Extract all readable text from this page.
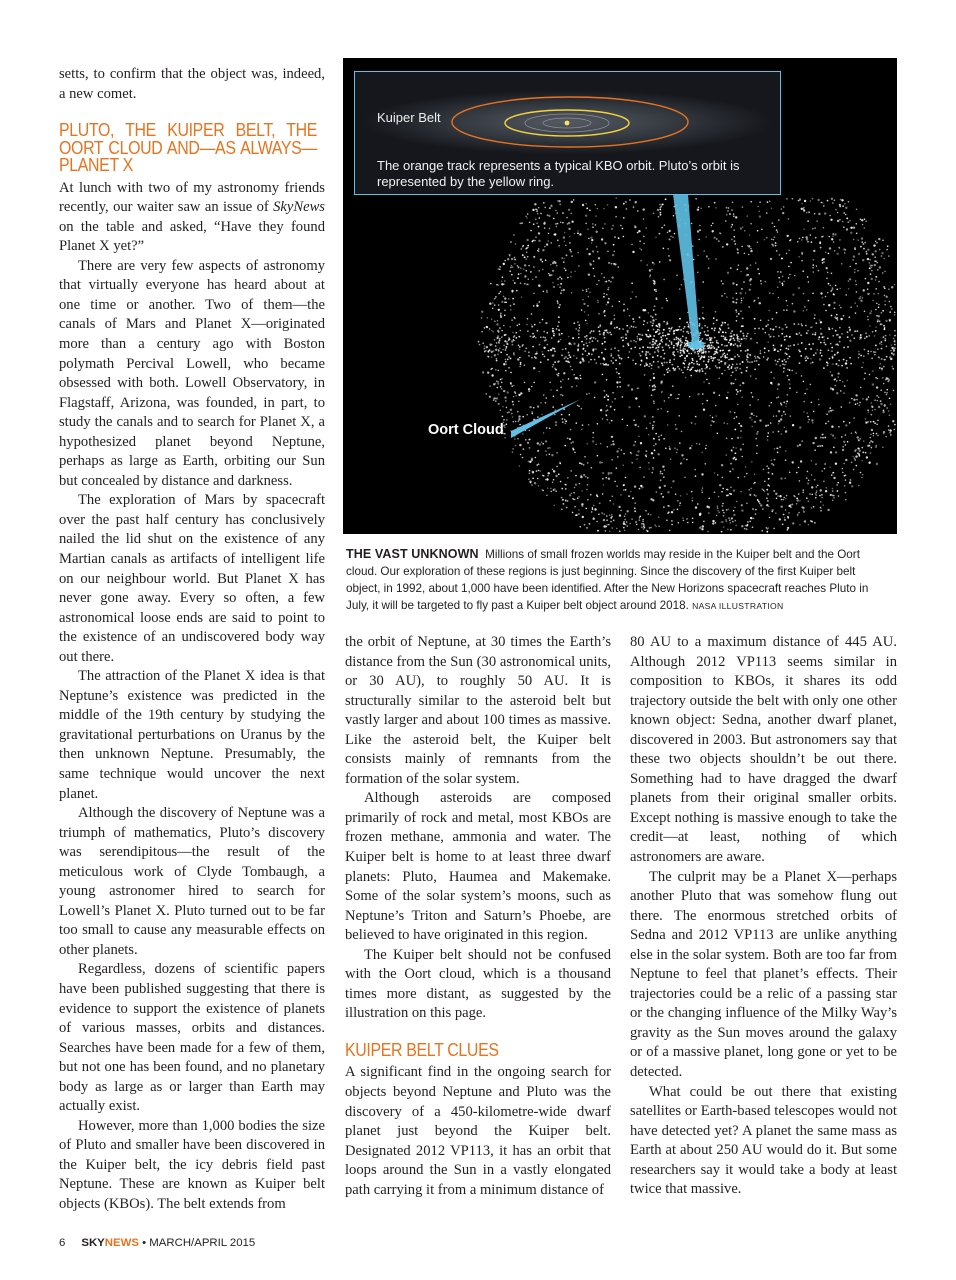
setts, to confirm that the object was, indeed, a new comet.

PLUTO, THE KUIPER BELT, THE OORT CLOUD AND—AS ALWAYS—PLANET X

At lunch with two of my astronomy friends recently, our waiter saw an issue of SkyNews on the table and asked, “Have they found Planet X yet?”

There are very few aspects of astronomy that virtually everyone has heard about at one time or another. Two of them—the canals of Mars and Planet X—originated more than a century ago with Boston polymath Percival Lowell, who became obsessed with both. Lowell Observatory, in Flagstaff, Arizona, was founded, in part, to study the canals and to search for Planet X, a hypothesized planet beyond Neptune, perhaps as large as Earth, orbiting our Sun but concealed by distance and darkness.

The exploration of Mars by spacecraft over the past half century has conclusively nailed the lid shut on the existence of any Martian canals as artifacts of intelligent life on our neighbour world. But Planet X has never gone away. Every so often, a few astronomical loose ends are said to point to the existence of an undiscovered body way out there.

The attraction of the Planet X idea is that Neptune’s existence was predicted in the middle of the 19th century by studying the gravitational perturbations on Uranus by the then unknown Neptune. Presumably, the same technique would uncover the next planet.

Although the discovery of Neptune was a triumph of mathematics, Pluto’s discovery was serendipitous—the result of the meticulous work of Clyde Tombaugh, a young astronomer hired to search for Lowell’s Planet X. Pluto turned out to be far too small to cause any measurable effects on other planets.

Regardless, dozens of scientific papers have been published suggesting that there is evidence to support the existence of planets of various masses, orbits and distances. Searches have been made for a few of them, but not one has been found, and no planetary body as large as or larger than Earth may actually exist.

However, more than 1,000 bodies the size of Pluto and smaller have been discovered in the Kuiper belt, the icy debris field past Neptune. These are known as Kuiper belt objects (KBOs). The belt extends from

Kuiper Belt
The orange track represents a typical KBO orbit. Pluto’s orbit is represented by the yellow ring.
Oort Cloud
THE VAST UNKNOWN Millions of small frozen worlds may reside in the Kuiper belt and the Oort cloud. Our exploration of these regions is just beginning. Since the discovery of the first Kuiper belt object, in 1992, about 1,000 have been identified. After the New Horizons spacecraft reaches Pluto in July, it will be targeted to fly past a Kuiper belt object around 2018. NASA ILLUSTRATION

the orbit of Neptune, at 30 times the Earth’s distance from the Sun (30 astronomical units, or 30 AU), to roughly 50 AU. It is structurally similar to the asteroid belt but vastly larger and about 100 times as massive. Like the asteroid belt, the Kuiper belt consists mainly of remnants from the formation of the solar system.

Although asteroids are composed primarily of rock and metal, most KBOs are frozen methane, ammonia and water. The Kuiper belt is home to at least three dwarf planets: Pluto, Haumea and Makemake. Some of the solar system’s moons, such as Neptune’s Triton and Saturn’s Phoebe, are believed to have originated in this region.

The Kuiper belt should not be confused with the Oort cloud, which is a thousand times more distant, as suggested by the illustration on this page.

KUIPER BELT CLUES

A significant find in the ongoing search for objects beyond Neptune and Pluto was the discovery of a 450-kilometre-wide dwarf planet just beyond the Kuiper belt. Designated 2012 VP113, it has an orbit that loops around the Sun in a vastly elongated path carrying it from a minimum distance of

80 AU to a maximum distance of 445 AU. Although 2012 VP113 seems similar in composition to KBOs, it shares its odd trajectory outside the belt with only one other known object: Sedna, another dwarf planet, discovered in 2003. But astronomers say that these two objects shouldn’t be out there. Something had to have dragged the dwarf planets from their original smaller orbits. Except nothing is massive enough to take the credit—at least, nothing of which astronomers are aware.

The culprit may be a Planet X—perhaps another Pluto that was somehow flung out there. The enormous stretched orbits of Sedna and 2012 VP113 are unlike anything else in the solar system. Both are too far from Neptune to feel that planet’s effects. Their trajectories could be a relic of a passing star or the changing influence of the Milky Way’s gravity as the Sun moves around the galaxy or of a massive planet, long gone or yet to be detected.

What could be out there that existing satellites or Earth-based telescopes would not have detected yet? A planet the same mass as Earth at about 250 AU would do it. But some researchers say it would take a body at least twice that massive.

6 SKYNEWS • MARCH/APRIL 2015
